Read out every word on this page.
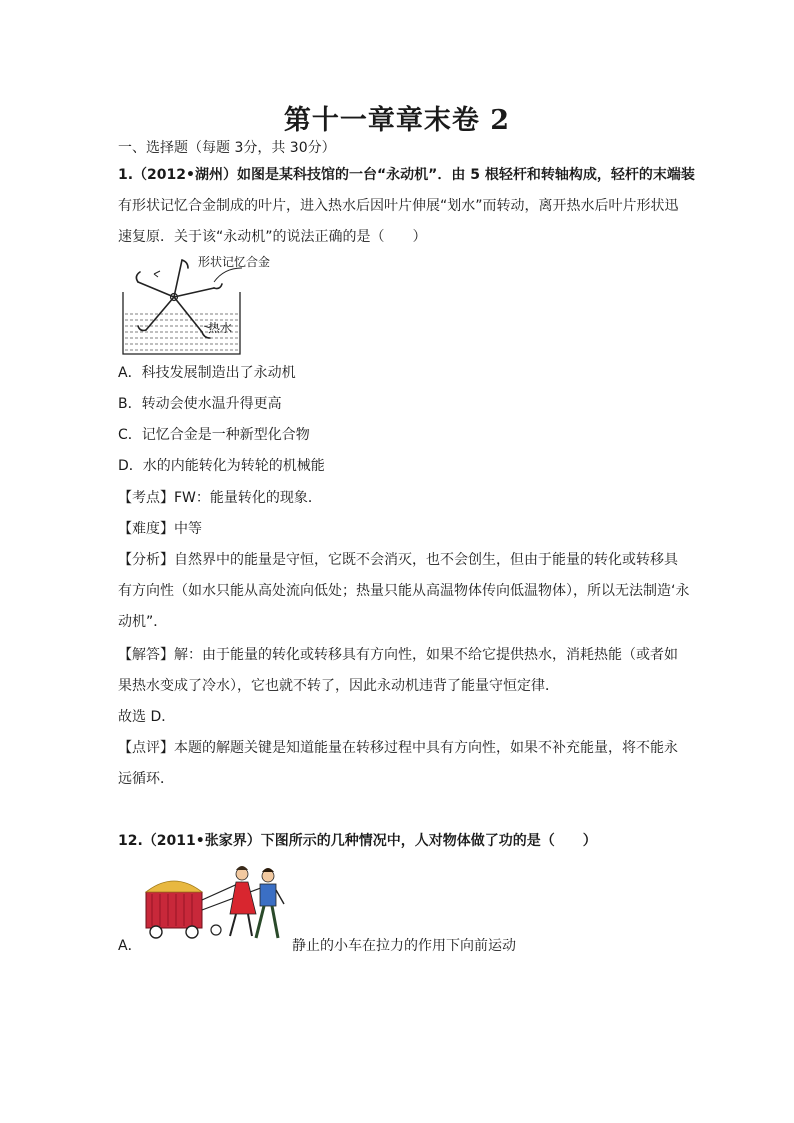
第十一章章末卷 2
一、选择题（每题 3分，共 30分）
1.（2012•湖州）如图是某科技馆的一台“永动机”．由 5 根轻杆和转轴构成，轻杆的末端装
有形状记忆合金制成的叶片，进入热水后因叶片伸展“划水”而转动，离开热水后叶片形状迅
速复原．关于该“永动机”的说法正确的是（　　）
形状记忆合金
热水
A．科技发展制造出了永动机
B．转动会使水温升得更高
C．记忆合金是一种新型化合物
D．水的内能转化为转轮的机械能
【考点】FW：能量转化的现象．
【难度】中等
【分析】自然界中的能量是守恒，它既不会消灭，也不会创生，但由于能量的转化或转移具
有方向性（如水只能从高处流向低处；热量只能从高温物体传向低温物体），所以无法制造‘永
动机”．
【解答】解：由于能量的转化或转移具有方向性，如果不给它提供热水，消耗热能（或者如
果热水变成了冷水），它也就不转了，因此永动机违背了能量守恒定律．
故选 D．
【点评】本题的解题关键是知道能量在转移过程中具有方向性，如果不补充能量，将不能永
远循环．
12.（2011•张家界）下图所示的几种情况中，人对物体做了功的是（　　）
A．	静止的小车在拉力的作用下向前运动
